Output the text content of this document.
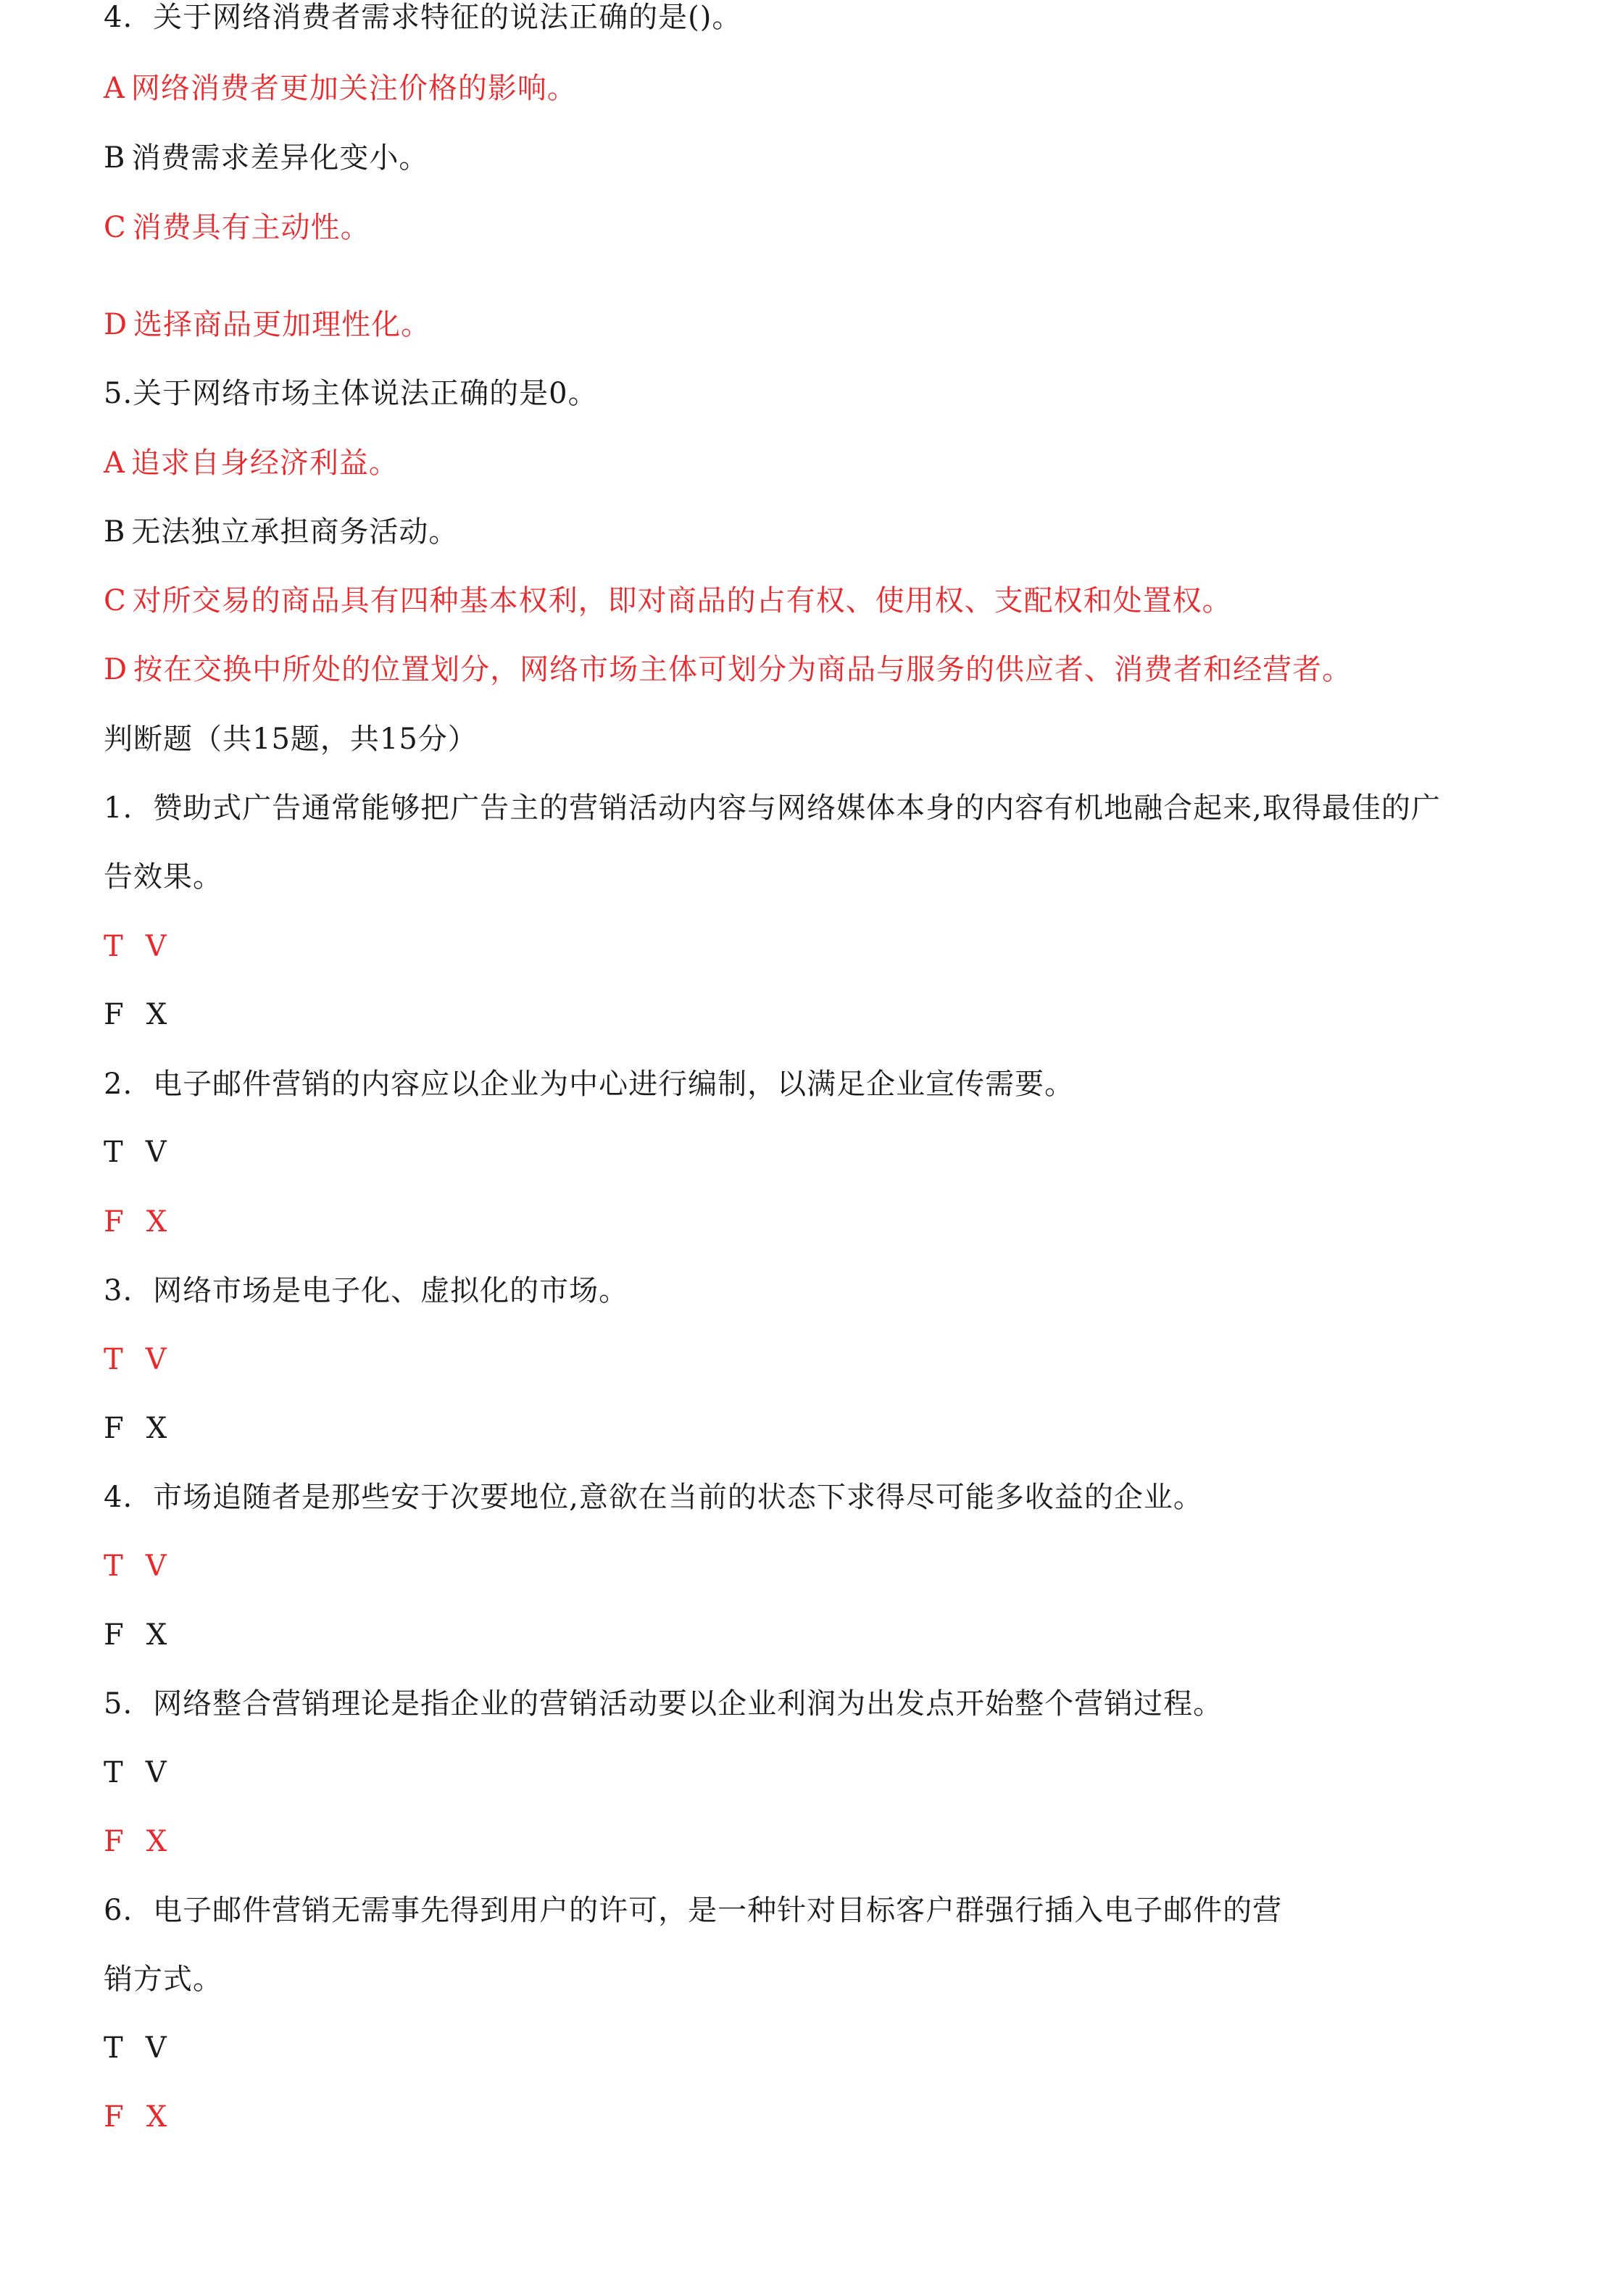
4. 关于网络消费者需求特征的说法正确的是()。
A 网络消费者更加关注价格的影响。
B 消费需求差异化变小。
C 消费具有主动性。
D 选择商品更加理性化。
5.关于网络市场主体说法正确的是0。
A 追求自身经济利益。
B 无法独立承担商务活动。
C 对所交易的商品具有四种基本权利，即对商品的占有权、使用权、支配权和处置权。
D 按在交换中所处的位置划分，网络市场主体可划分为商品与服务的供应者、消费者和经营者。
判断题（共15题，共15分）
1. 赞助式广告通常能够把广告主的营销活动内容与网络媒体本身的内容有机地融合起来,取得最佳的广
告效果。
T V
F X
2. 电子邮件营销的内容应以企业为中心进行编制，以满足企业宣传需要。
T V
F X
3. 网络市场是电子化、虚拟化的市场。
T V
F X
4. 市场追随者是那些安于次要地位,意欲在当前的状态下求得尽可能多收益的企业。
T V
F X
5. 网络整合营销理论是指企业的营销活动要以企业利润为出发点开始整个营销过程。
T V
F X
6. 电子邮件营销无需事先得到用户的许可，是一种针对目标客户群强行插入电子邮件的营
销方式。
T V
F X
